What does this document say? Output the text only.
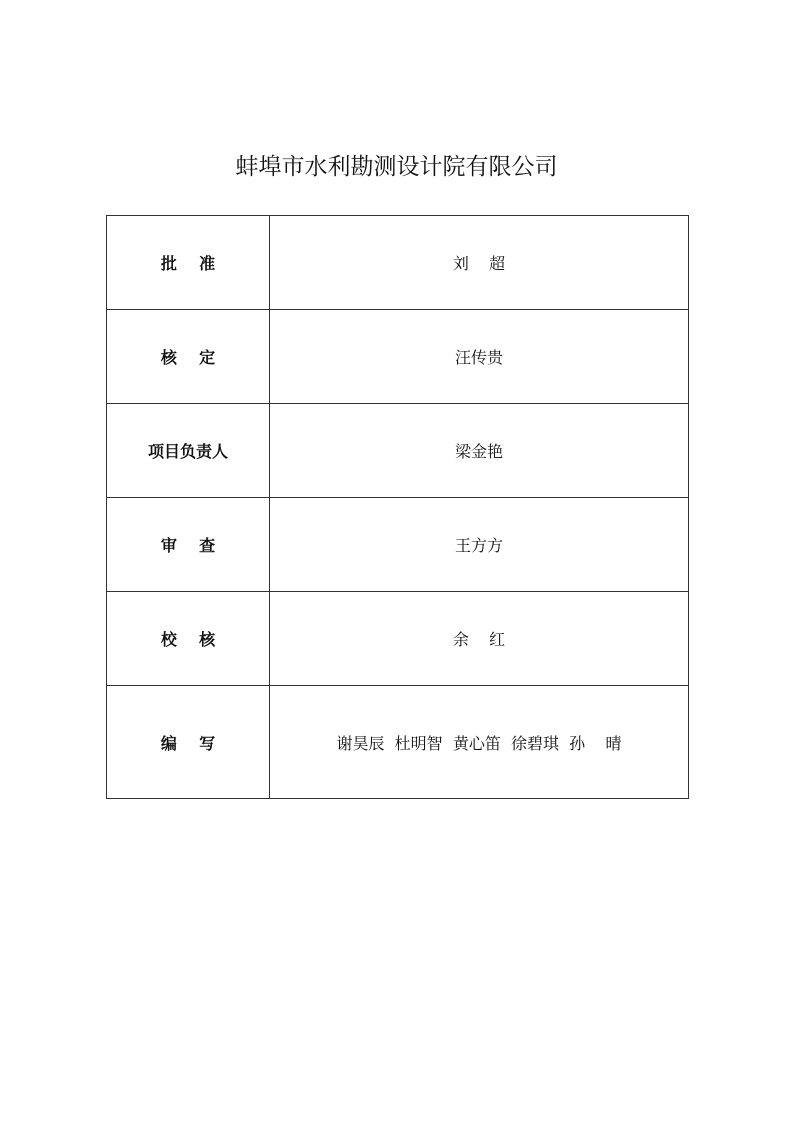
蚌埠市水利勘测设计院有限公司
批    准	刘    超
核    定	汪传贵
项目负责人	梁金艳
审    查	王方方
校    核	余    红
编    写	谢昊辰  杜明智  黄心笛  徐碧琪  孙    晴
